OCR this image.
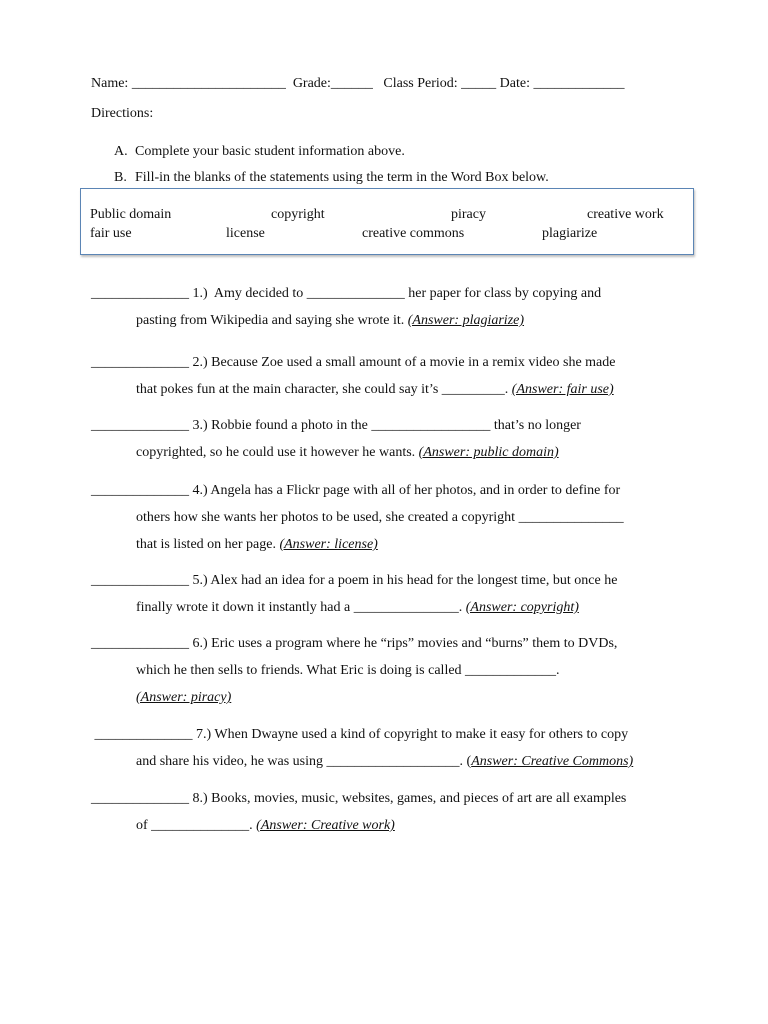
Name: ______________________  Grade:______   Class Period: _____ Date: _____________
Directions:
A. Complete your basic student information above.
B. Fill-in the blanks of the statements using the term in the Word Box below.
Public domain	copyright	piracy	creative work
fair use	license	creative commons	plagiarize
______________ 1.)  Amy decided to ______________ her paper for class by copying and
pasting from Wikipedia and saying she wrote it. (Answer: plagiarize)
______________ 2.) Because Zoe used a small amount of a movie in a remix video she made
that pokes fun at the main character, she could say it’s _________. (Answer: fair use)
______________ 3.) Robbie found a photo in the _________________ that’s no longer
copyrighted, so he could use it however he wants. (Answer: public domain)
______________ 4.) Angela has a Flickr page with all of her photos, and in order to define for
others how she wants her photos to be used, she created a copyright _______________
that is listed on her page. (Answer: license)
______________ 5.) Alex had an idea for a poem in his head for the longest time, but once he
finally wrote it down it instantly had a _______________. (Answer: copyright)
______________ 6.) Eric uses a program where he “rips” movies and “burns” them to DVDs,
which he then sells to friends. What Eric is doing is called _____________.
(Answer: piracy)
______________ 7.) When Dwayne used a kind of copyright to make it easy for others to copy
and share his video, he was using ___________________. (Answer: Creative Commons)
______________ 8.) Books, movies, music, websites, games, and pieces of art are all examples
of ______________. (Answer: Creative work)
